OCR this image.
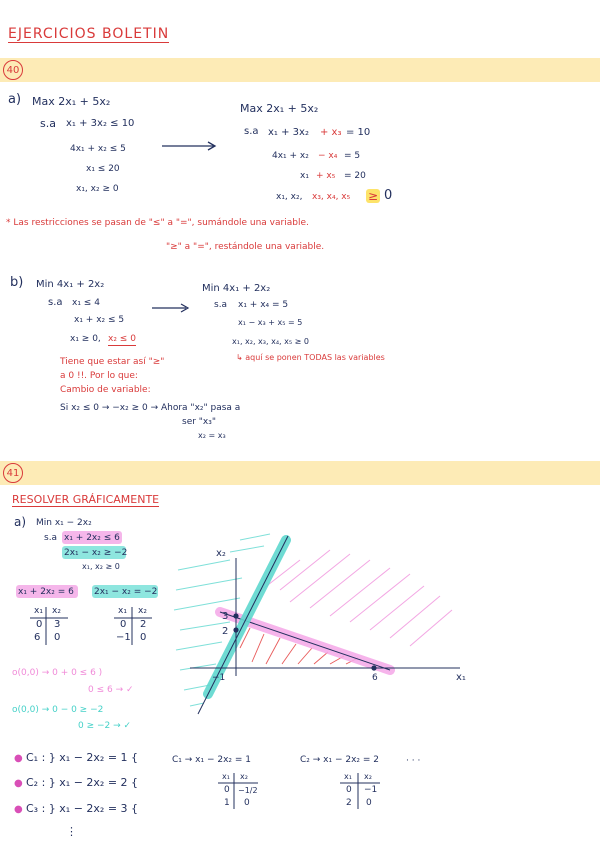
EJERCICIOS BOLETIN
40
a) Max 2x₁ + 5x₂
s.a x₁ + 3x₂ ≤ 10
4x₁ + x₂ ≤ 5
x₁ ≤ 20
x₁, x₂ ≥ 0
Max 2x₁ + 5x₂
s.a x₁ + 3x₂ + x₃ = 10
4x₁ + x₂ − x₄ = 5
x₁ + x₅ = 20
x₁, x₂, x₃, x₄, x₅ ≥ 0
* Las restricciones se pasan de "≤" a "=", sumándole una variable.
"≥" a "=", restándole una variable.
b) Min 4x₁ + 2x₂
s.a x₁ ≤ 4
x₁ + x₂ ≤ 5
x₁ ≥ 0, x₂ ≤ 0
Tiene que estar así "≥"
a 0 !!. Por lo que:
Cambio de variable:
Si x₂ ≤ 0 → −x₂ ≥ 0 → Ahora "x₂" pasa a
ser "x₃"
x₂ = x₃
Min 4x₁ + 2x₂
s.a x₁ + x₄ = 5
x₁ − x₃ + x₅ = 5
x₁, x₂, x₃, x₄, x₅ ≥ 0
↳ aquí se ponen TODAS las variables
41
RESOLVER GRÁFICAMENTE
a) Min x₁ − 2x₂
s.a x₁ + 2x₂ ≤ 6
2x₁ − x₂ ≥ −2
x₁, x₂ ≥ 0
x₁ + 2x₂ = 6
x₁ x₂
0 3
6 0
2x₁ − x₂ = −2
x₁ x₂
0 2
−1 0
o(0,0) → 0 + 0 ≤ 6 )
0 ≤ 6 → ✓
o(0,0) → 0 − 0 ≥ −2
0 ≥ −2 → ✓
x₂
x₁
−1	6
3
2
● C₁ : } x₁ − 2x₂ = 1 {
● C₂ : } x₁ − 2x₂ = 2 {
● C₃ : } x₁ − 2x₂ = 3 {
⋮
C₁ → x₁ − 2x₂ = 1
x₁ x₂
0 −1/2
1 0
C₂ → x₁ − 2x₂ = 2
x₁ x₂
0 −1
2 0
· · ·
